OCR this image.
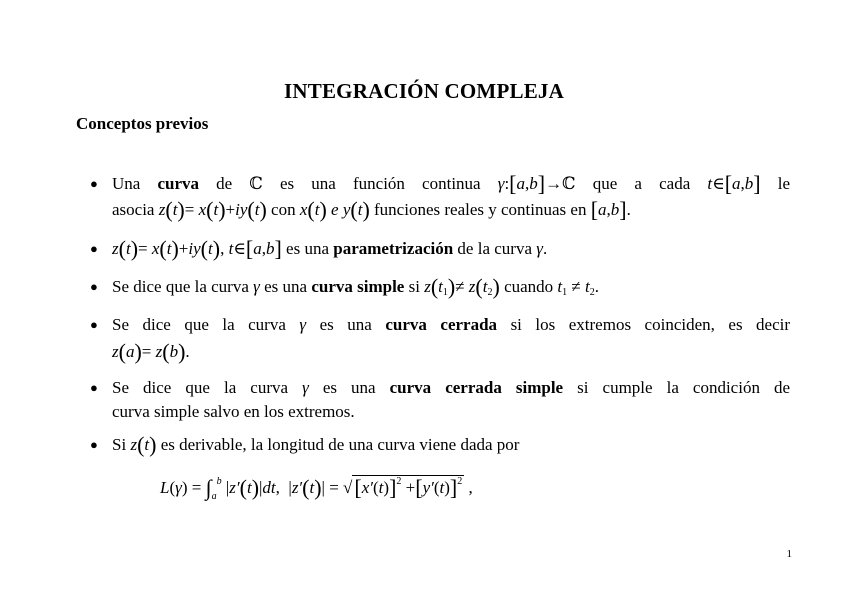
INTEGRACIÓN COMPLEJA
Conceptos previos
● Una curva de ℂ es una función continua γ:[a,b]→ℂ que a cada t∈[a,b] le
asocia z(t)= x(t)+iy(t) con x(t) e y(t) funciones reales y continuas en [a,b].
● z(t)= x(t)+iy(t), t∈[a,b] es una parametrización de la curva γ.
● Se dice que la curva γ es una curva simple si $z(t_1)\ne z(t_2)$ cuando $t_1 \ne t_2$.
● Se dice que la curva γ es una curva cerrada si los extremos coinciden, es decir
z(a)= z(b).
● Se dice que la curva γ es una curva cerrada simple si cumple la condición de
curva simple salvo en los extremos.
● Si z(t) es derivable, la longitud de una curva viene dada por
$L(\gamma) = \int_a^b$ |z′(t)|dt, $|z'(t)| = √[x'(t)]^2 +[y'(t)]^2$ ,
1
